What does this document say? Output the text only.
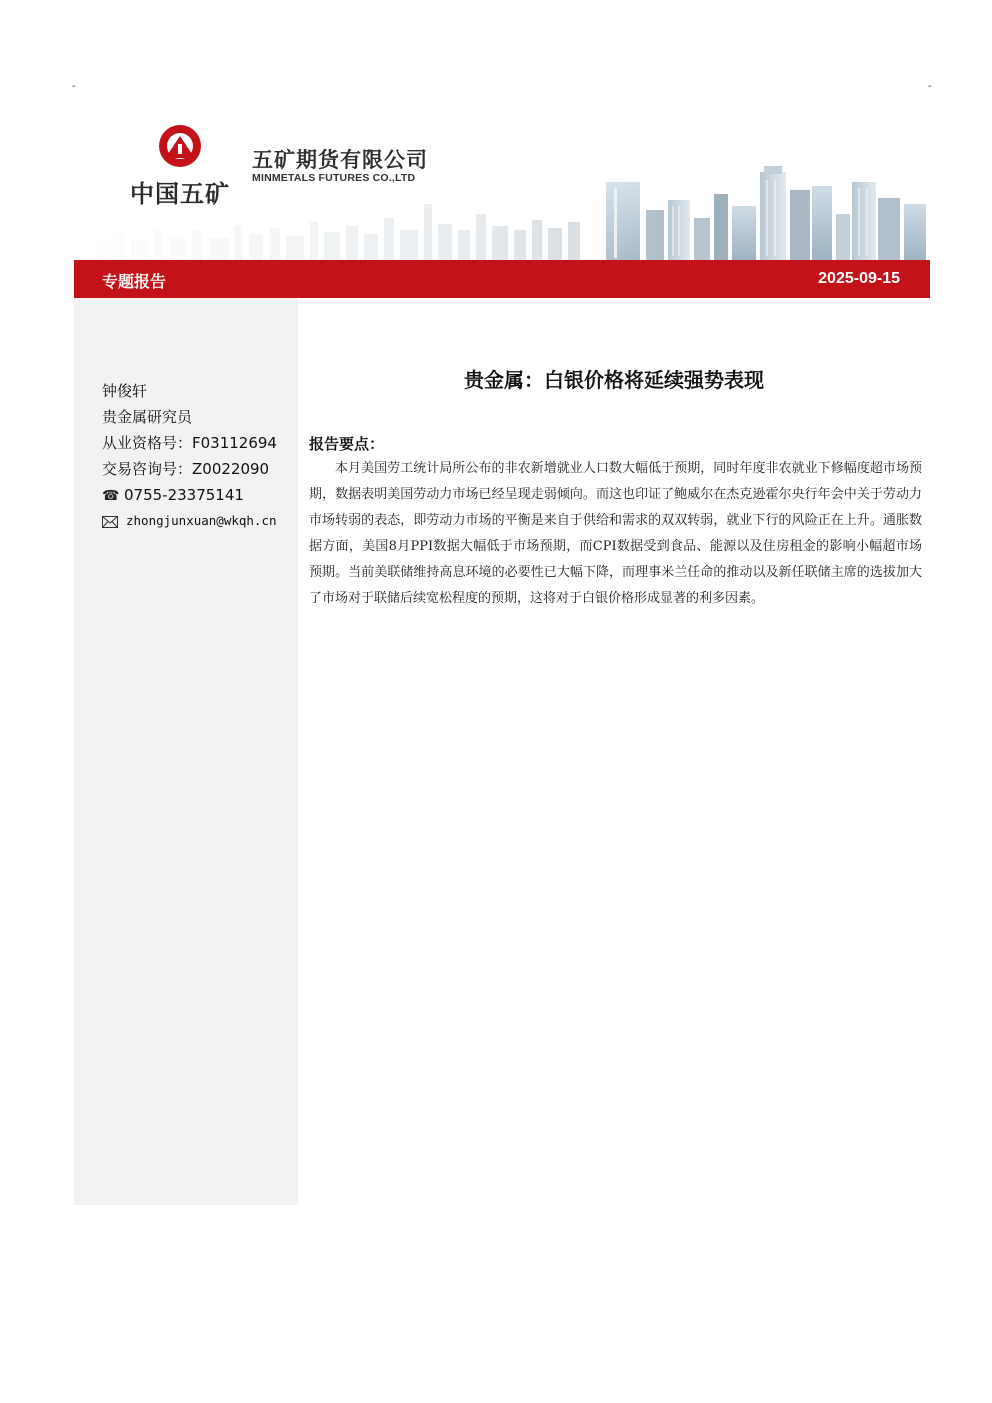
-	-
中国五矿
五矿期货有限公司
MINMETALS FUTURES CO.,LTD
专题报告	2025-09-15
钟俊轩
贵金属研究员
从业资格号：F03112694
交易咨询号：Z0022090
☎ 0755-23375141
zhongjunxuan@wkqh.cn
贵金属：白银价格将延续强势表现
报告要点：

本月美国劳工统计局所公布的非农新增就业人口数大幅低于预期，同时年度非农就业下修幅度超市场预期，数据表明美国劳动力市场已经呈现走弱倾向。而这也印证了鲍威尔在杰克逊霍尔央行年会中关于劳动力市场转弱的表态，即劳动力市场的平衡是来自于供给和需求的双双转弱，就业下行的风险正在上升。通胀数据方面，美国8月PPI数据大幅低于市场预期，而CPI数据受到食品、能源以及住房租金的影响小幅超市场预期。当前美联储维持高息环境的必要性已大幅下降，而理事米兰任命的推动以及新任联储主席的选拔加大了市场对于联储后续宽松程度的预期，这将对于白银价格形成显著的利多因素。
